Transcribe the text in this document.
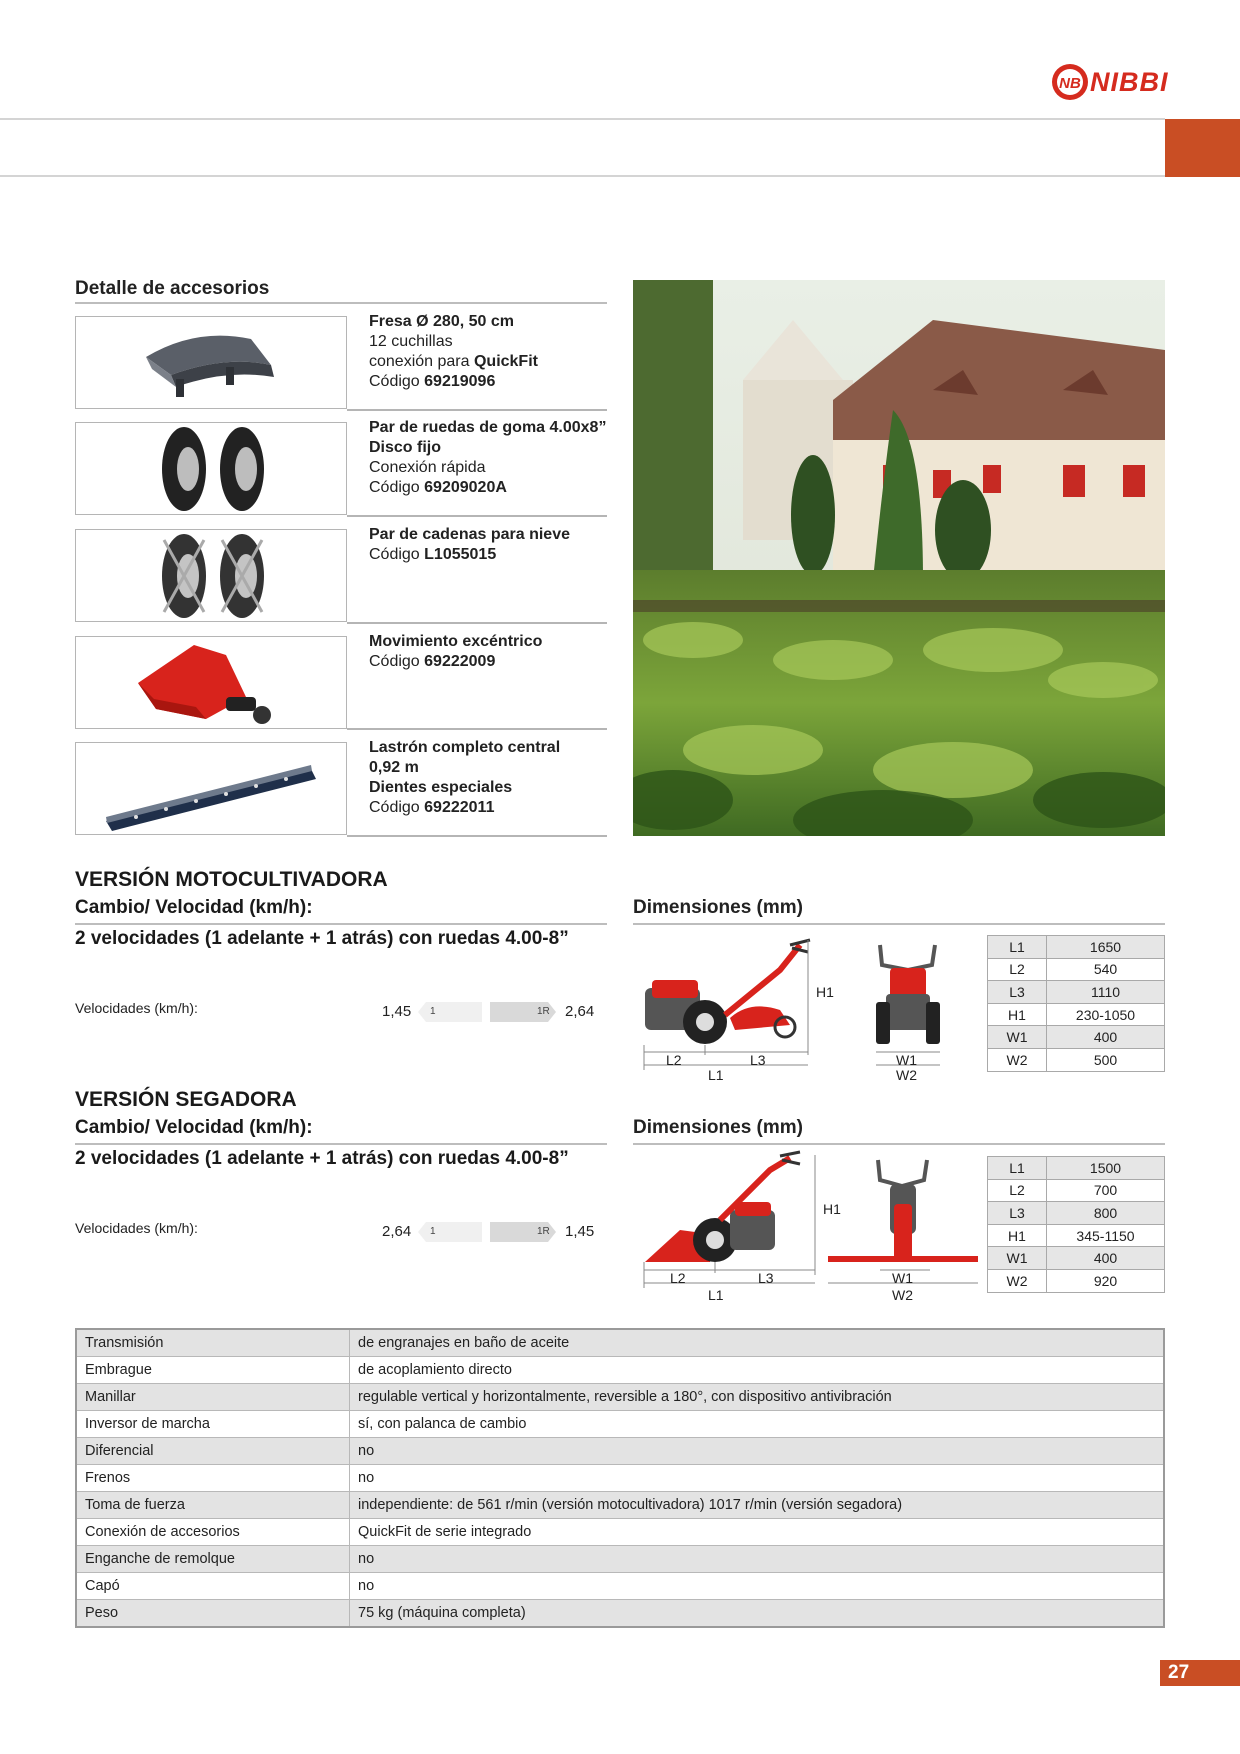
NB NIBBI
Detalle de accesorios
Fresa Ø 280, 50 cm
12 cuchillas
conexión para QuickFit
Código 69219096
Par de ruedas de goma 4.00x8”
Disco fijo
Conexión rápida
Código 69209020A
Par de cadenas para nieve
Código L1055015
Movimiento excéntrico
Código 69222009
Lastrón completo central
0,92 m
Dientes especiales
Código 69222011
VERSIÓN MOTOCULTIVADORA
Cambio/ Velocidad (km/h):
2 velocidades (1 adelante + 1 atrás) con ruedas 4.00-8”
Velocidades (km/h):	1,45 1	1R 2,64
Dimensiones (mm)
H1
L2	L3
L1
W1
W2
L1	1650
L2	540
L3	1110
H1	230-1050
W1	400
W2	500
VERSIÓN SEGADORA
Cambio/ Velocidad (km/h):
2 velocidades (1 adelante + 1 atrás) con ruedas 4.00-8”
Velocidades (km/h):	2,64 1	1R 1,45
Dimensiones (mm)
H1
L2	L3
L1
W1
W2
L1	1500
L2	700
L3	800
H1	345-1150
W1	400
W2	920
Transmisión	de engranajes en baño de aceite
Embrague	de acoplamiento directo
Manillar	regulable vertical y horizontalmente, reversible a 180°, con dispositivo antivibración
Inversor de marcha	sí, con palanca de cambio
Diferencial	no
Frenos	no
Toma de fuerza	independiente: de 561 r/min (versión motocultivadora) 1017 r/min (versión segadora)
Conexión de accesorios	QuickFit de serie integrado
Enganche de remolque	no
Capó	no
Peso	75 kg (máquina completa)
27
